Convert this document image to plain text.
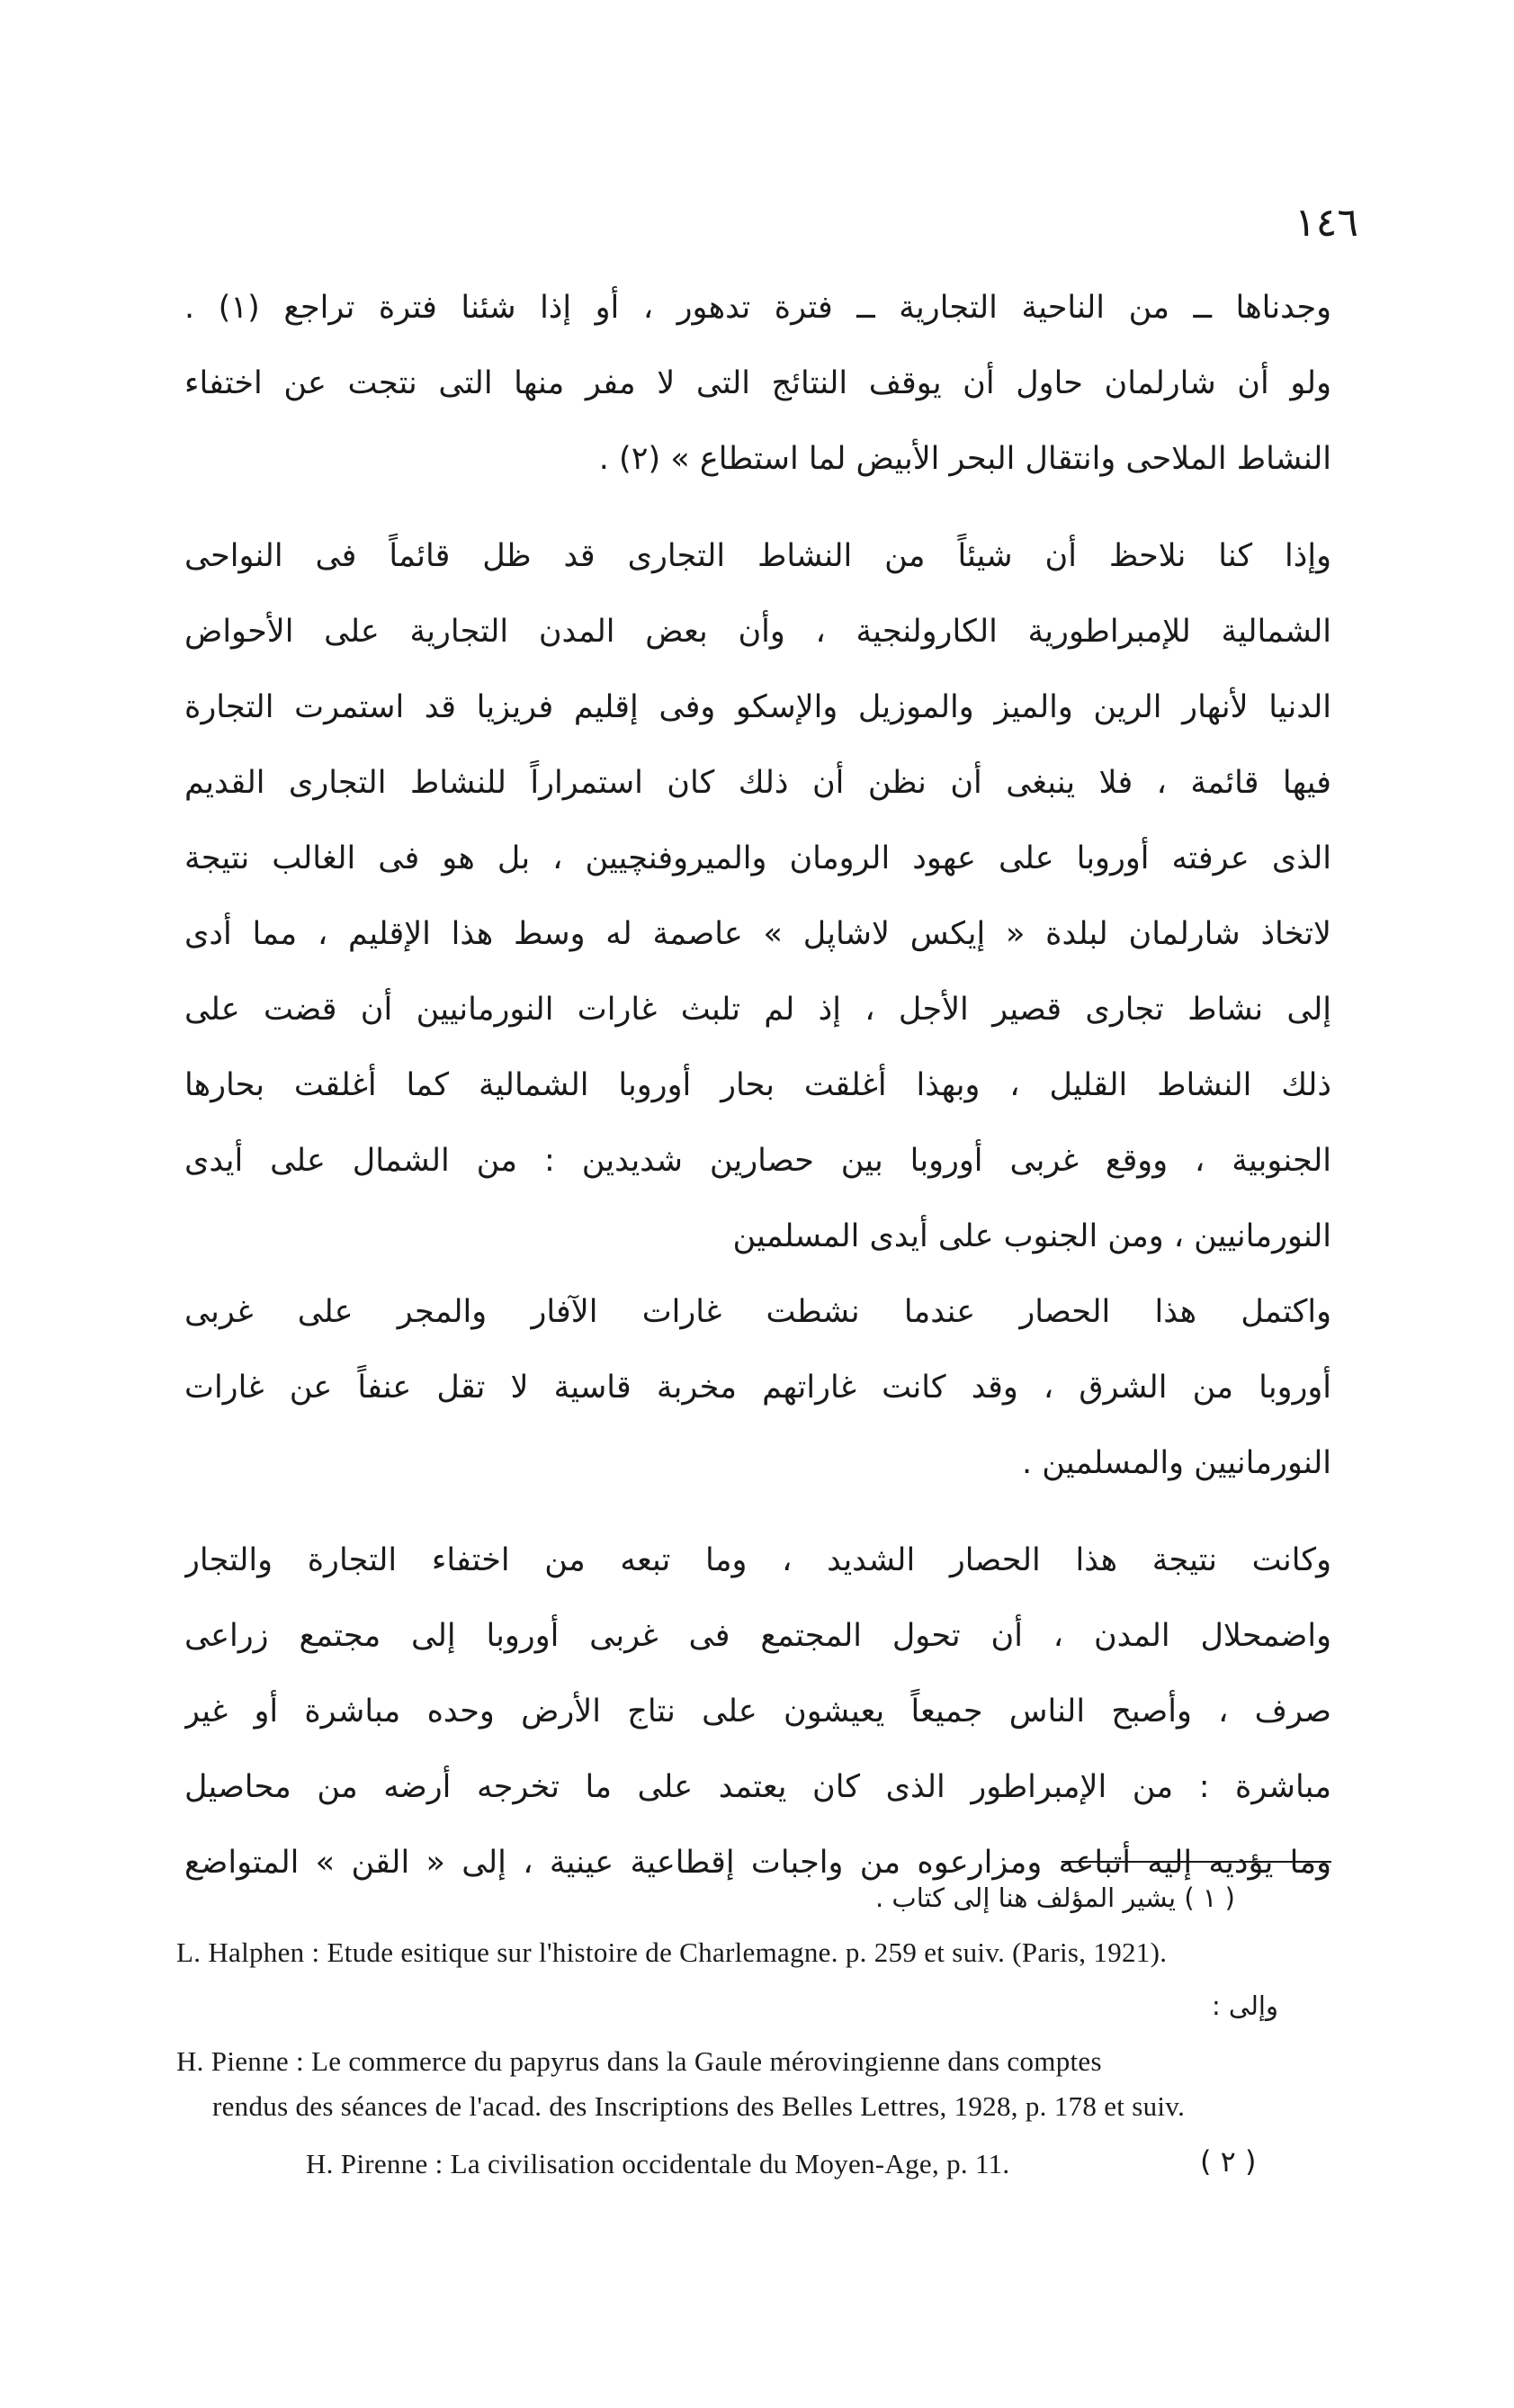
١٤٦
وجدناها ــ من الناحية التجارية ــ فترة تدهور ، أو إذا شئنا فترة تراجع (١) .
ولو أن شارلمان حاول أن يوقف النتائج التى لا مفر منها التى نتجت عن اختفاء
النشاط الملاحى وانتقال البحر الأبيض لما استطاع » (٢) .
وإذا كنا نلاحظ أن شيئاً من النشاط التجارى قد ظل قائماً فى النواحى
الشمالية للإمبراطورية الكارولنجية ، وأن بعض المدن التجارية على الأحواض
الدنيا لأنهار الرين والميز والموزيل والإسكو وفى إقليم فريزيا قد استمرت التجارة
فيها قائمة ، فلا ينبغى أن نظن أن ذلك كان استمراراً للنشاط التجارى القديم
الذى عرفته أوروبا على عهود الرومان والميروفنچيين ، بل هو فى الغالب نتيجة
لاتخاذ شارلمان لبلدة « إيكس لاشاپل » عاصمة له وسط هذا الإقليم ، مما أدى
إلى نشاط تجارى قصير الأجل ، إذ لم تلبث غارات النورمانيين أن قضت على
ذلك النشاط القليل ، وبهذا أغلقت بحار أوروبا الشمالية كما أغلقت بحارها
الجنوبية ، ووقع غربى أوروبا بين حصارين شديدين : من الشمال على أيدى
النورمانيين ، ومن الجنوب على أيدى المسلمين
واكتمل هذا الحصار عندما نشطت غارات الآفار والمجر على غربى
أوروبا من الشرق ، وقد كانت غاراتهم مخربة قاسية لا تقل عنفاً عن غارات
النورمانيين والمسلمين .
وكانت نتيجة هذا الحصار الشديد ، وما تبعه من اختفاء التجارة والتجار
واضمحلال المدن ، أن تحول المجتمع فى غربى أوروبا إلى مجتمع زراعى
صرف ، وأصبح الناس جميعاً يعيشون على نتاج الأرض وحده مباشرة أو غير
مباشرة : من الإمبراطور الذى كان يعتمد على ما تخرجه أرضه من محاصيل
وما يؤديه إليه أتباعه ومزارعوه من واجبات إقطاعية عينية ، إلى « القن » المتواضع
( ١ ) يشير المؤلف هنا إلى كتاب .
L. Halphen : Etude esitique sur l'histoire de Charlemagne. p. 259 et suiv. (Paris, 1921).
وإلى :
H. Pienne : Le commerce du papyrus dans la Gaule mérovingienne dans comptes
rendus des séances de l'acad. des Inscriptions des Belles Lettres, 1928, p. 178 et suiv.
H. Pirenne : La civilisation occidentale du Moyen-Age, p. 11.	( ٢ )
